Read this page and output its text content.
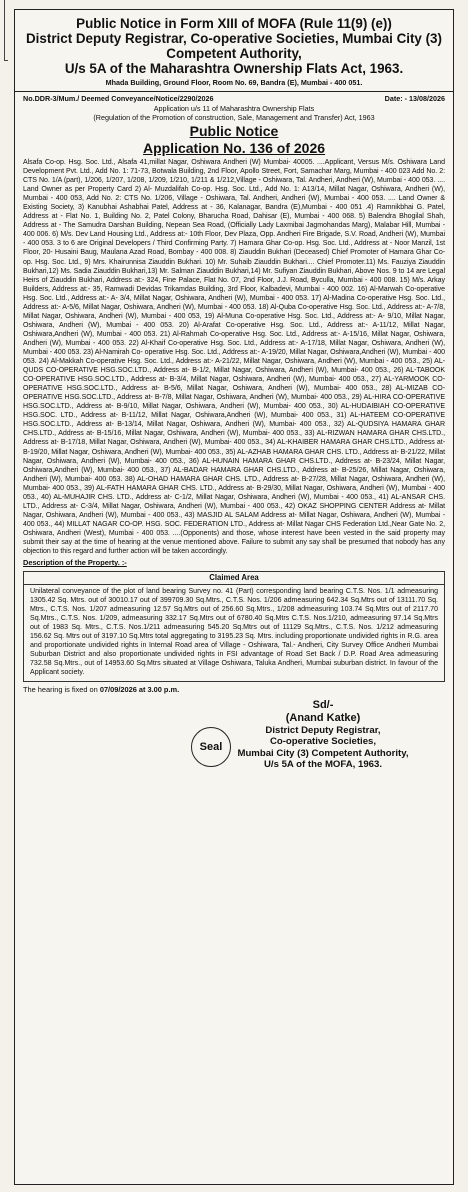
Public Notice in Form XIII of MOFA (Rule 11(9) (e))
District Deputy Registrar, Co-operative Societies, Mumbai City (3)
Competent Authority,
U/s 5A of the Maharashtra Ownership Flats Act, 1963.
Mhada Building, Ground Floor, Room No. 69, Bandra (E), Mumbai - 400 051.
No.DDR-3/Mum./ Deemed Conveyance/Notice/2290/2026	Date: - 13/08/2026
Application u/s 11 of Maharashtra Ownership Flats
(Regulation of the Promotion of construction, Sale, Management and Transfer) Act, 1963
Public Notice
Application No. 136 of 2026
Alsafa Co-op. Hsg. Soc. Ltd., Alsafa 41,millat Nagar, Oshiwara Andheri (W) Mumbai- 40005. ....Applicant, Versus M/s. Oshiwara Land Development Pvt. Ltd., Add No. 1: 71-73, Botwala Building, 2nd Floor, Apollo Street, Fort, Samachar Marg, Mumbai - 400 023 Add No. 2: CTS No. 1/A (part), 1/206, 1/207, 1/208, 1/209, 1/210, 1/211 & 1/212,Village - Oshiwara, Tal. Andheri, Andheri (W), Mumbai - 400 053. .... Land Owner as per Property Card 2) Al- Muzdalifah Co-op. Hsg. Soc. Ltd., Add No. 1: A13/14, Millat Nagar, Oshiwara, Andheri (W), Mumbai - 400 053, Add No. 2: CTS No. 1/206, Village - Oshiwara, Tal. Andheri, Andheri (W), Mumbai - 400 053. .... Land Owner & Existing Society, 3) Kanubhai Ashabhai Patel, Address at - 36, Kalanagar, Bandra (E),Mumbai - 400 051 .4) Ramnikbhai G. Patel, Address at - Flat No. 1, Building No. 2, Patel Colony, Bharucha Road, Dahisar (E), Mumbai - 400 068. 5) Balendra Bhogilal Shah, Address at - The Samudra Darshan Building, Nepean Sea Road, (Officially Lady Laxmibai Jagmohandas Marg), Malabar Hill, Mumbai - 400 006. 6) M/s. Dev Land Housing Ltd., Address at:- 10th Floor, Dev Plaza, Opp. Andheri Fire Brigade, S.V. Road, Andheri (W), Mumbai - 400 053. 3 to 6 are Original Developers / Third Confirming Party. 7) Hamara Ghar Co-op. Hsg. Soc. Ltd., Address at - Noor Manzil, 1st Floor, 20- Husaini Baug, Maulana Azad Road, Bombay - 400 008. 8) Ziauddin Bukhari (Deceased) Chief Promoter of Hamara Ghar Co-op. Hsg. Soc. Ltd., 9) Mrs. Khairunnisa Ziauddin Bukhari. 10) Mr. Suhaib Ziauddin Bukhari.... Chief Promoter.11) Ms. Fauziya Ziauddin Bukhari,12) Ms. Sadia Ziauddin Bukhari,13) Mr. Salman Ziauddin Bukhari,14) Mr. Sufiyan Ziauddin Bukhari, Above Nos. 9 to 14 are Legal Heirs of Ziauddin Bukhari, Address at:- 324, Fine Palace, Flat No. 07, 2nd Floor, J.J. Road, Byculla, Mumbai - 400 008. 15) M/s. Arkay Builders, Address at:- 35, Ramwadi Devidas Trikamdas Building, 3rd Floor, Kalbadevi, Mumbai - 400 002. 16) Al-Marwah Co-operative Hsg. Soc. Ltd., Address at:- A- 3/4, Millat Nagar, Oshiwara, Andheri (W), Mumbai - 400 053. 17) Al-Madina Co-operative Hsg. Soc. Ltd., Address at:- A-5/6, Millat Nagar, Oshiwara, Andheri (W), Mumbai - 400 053. 18) Al-Quba Co-operative Hsg. Soc. Ltd., Address at:- A-7/8, Millat Nagar, Oshiwara, Andheri (W), Mumbai - 400 053, 19) Al-Muna Co-operative Hsg. Soc. Ltd., Address at:- A- 9/10, Millat Nagar, Oshiwara, Andheri (W), Mumbai - 400 053. 20) Al-Arafat Co-operative Hsg. Soc. Ltd., Address at:- A-11/12, Millat Nagar, Oshiwara,Andheri (W), Mumbai - 400 053. 21) Al-Rahmah Co-operative Hsg. Soc. Ltd., Address at:- A-15/16, Millat Nagar, Oshiwara, Andheri (W), Mumbai - 400 053. 22) Al-Khaif Co-operative Hsg. Soc. Ltd., Address at:- A-17/18, Millat Nagar, Oshiwara, Andheri (W), Mumbai - 400 053. 23) Al-Namirah Co- operative Hsg. Soc. Ltd., Address at:- A-19/20, Millat Nagar, Oshiwara,Andheri (W), Mumbai - 400 053. 24) Al-Makkah Co-operative Hsg. Soc. Ltd., Address at:- A-21/22, Millat Nagar, Oshiwara, Andheri (W), Mumbai - 400 053., 25) AL-QUDS CO-OPERATIVE HSG.SOC.LTD., Address at- B-1/2, Millat Nagar, Oshiwara, Andheri (W), Mumbai- 400 053., 26) AL-TABOOK CO-OPERATIVE HSG.SOC.LTD., Address at- B-3/4, Millat Nagar, Oshiwara, Andheri (W), Mumbai- 400 053., 27) AL-YARMOOK CO-OPERATIVE HSG.SOC.LTD., Address at- B-5/6, Millat Nagar, Oshiwara, Andheri (W), Mumbai- 400 053., 28) AL-MIZAB CO-OPERATIVE HSG.SOC.LTD., Address at- B-7/8, Millat Nagar, Oshiwara, Andheri (W), Mumbai- 400 053., 29) AL-HIRA CO-OPERATIVE HSG.SOC.LTD., Address at- B-9/10, Millat Nagar, Oshiwara, Andheri (W), Mumbai- 400 053., 30) AL-HUDAIBIAH CO-OPERATIVE HSG.SOC. LTD., Address at- B-11/12, Millat Nagar, Oshiwara,Andheri (W), Mumbai- 400 053., 31) AL-HATEEM CO-OPERATIVE HSG.SOC.LTD., Address at- B-13/14, Millat Nagar, Oshiwara, Andheri (W), Mumbai- 400 053., 32) AL-QUDSIYA HAMARA GHAR CHS.LTD., Address at- B-15/16, Millat Nagar, Oshiwara, Andheri (W), Mumbai- 400 053., 33) AL-RIZWAN HAMARA GHAR CHS.LTD., Address at- B-17/18, Millat Nagar, Oshiwara, Andheri (W), Mumbai- 400 053., 34) AL-KHAIBER HAMARA GHAR CHS.LTD., Address at- B-19/20, Millat Nagar, Oshiwara, Andheri (W), Mumbai- 400 053., 35) AL-AZHAB HAMARA GHAR CHS. LTD., Address at- B-21/22, Millat Nagar, Oshiwara, Andheri (W), Mumbai- 400 053., 36) AL-HUNAIN HAMARA GHAR CHS.LTD., Address at- B-23/24, Millat Nagar, Oshiwara,Andheri (W), Mumbai- 400 053., 37) AL-BADAR HAMARA GHAR CHS.LTD., Address at- B-25/26, Millat Nagar, Oshiwara, Andheri (W), Mumbai- 400 053. 38) AL-OHAD HAMARA GHAR CHS. LTD., Address at- B-27/28, Millat Nagar, Oshiwara, Andheri (W), Mumbai- 400 053., 39) AL-FATH HAMARA GHAR CHS. LTD., Address at- B-29/30, Millat Nagar, Oshiwara, Andheri (W), Mumbai - 400 053., 40) AL-MUHAJIR CHS. LTD., Address at- C-1/2, Millat Nagar, Oshiwara, Andheri (W), Mumbai - 400 053., 41) AL-ANSAR CHS. LTD., Address at- C-3/4, Millat Nagar, Oshiwara, Andheri (W), Mumbai - 400 053., 42) OKAZ SHOPPING CENTER Address at- Millat Nagar, Oshiwara, Andheri (W), Mumbai - 400 053., 43) MASJID AL SALAM Address at- Millat Nagar, Oshiwara, Andheri (W), Mumbai - 400 053., 44) MILLAT NAGAR CO-OP. HSG. SOC. FEDERATION LTD., Address at- Millat Nagar CHS Federation Ltd.,Near Gate No. 2, Oshiwara, Andheri (West), Mumbai - 400 053. ....(Opponents) and those, whose interest have been vested in the said property may submit their say at the time of hearing at the venue mentioned above. Failure to submit any say shall be presumed that nobody has any objection to this regard and further action will be taken accordingly.
Description of the Property. :-
Claimed Area
Unilateral conveyance of the plot of land bearing Survey no. 41 (Part) corresponding land bearing C.T.S. Nos. 1/1 admeasuring 1305.42 Sq. Mtrs. out of 30010.17 out of 399709.30 Sq.Mtrs., C.T.S. Nos. 1/206 admeasuring 642.34 Sq.Mtrs out of 13111.70 Sq. Mtrs., C.T.S. Nos. 1/207 admeasuring 12.57 Sq.Mtrs out of 256.60 Sq.Mtrs., 1/208 admeasuring 103.74 Sq.Mtrs out of 2117.70 Sq.Mtrs., C.T.S. Nos. 1/209, admeasuring 332.17 Sq.Mtrs out of 6780.40 Sq.Mtrs C.T.S. Nos.1/210, admeasuring 97.14 Sq.Mtrs out of 1983 Sq. Mtrs., C.T.S. Nos.1/211 admeasuring 545.20 Sq.Mtrs out of 11129 Sq.Mtrs., C.T.S. Nos. 1/212 admeasuring 156.62 Sq. Mtrs out of 3197.10 Sq.Mtrs total aggregating to 3195.23 Sq. Mtrs. including proportionate undivided rights in R.G. area and proportionate undivided rights in Internal Road area of Village - Oshiwara, Tal.- Andheri, City Survey Office Andheri Mumbai Suburban District and also proportionate undivided rights in FSI advantage of Road Set Back / D.P. Road Area admeasuring 732.58 Sq.Mtrs., out of 14953.60 Sq.Mtrs situated at Village Oshiwara, Taluka Andheri, Mumbai suburban district. In favour of the Applicant society.
The hearing is fixed on 07/09/2026 at 3.00 p.m.
Seal
Sd/-
(Anand Katke)
District Deputy Registrar,
Co-operative Societies,
Mumbai City (3) Competent Authority,
U/s 5A of the MOFA, 1963.
